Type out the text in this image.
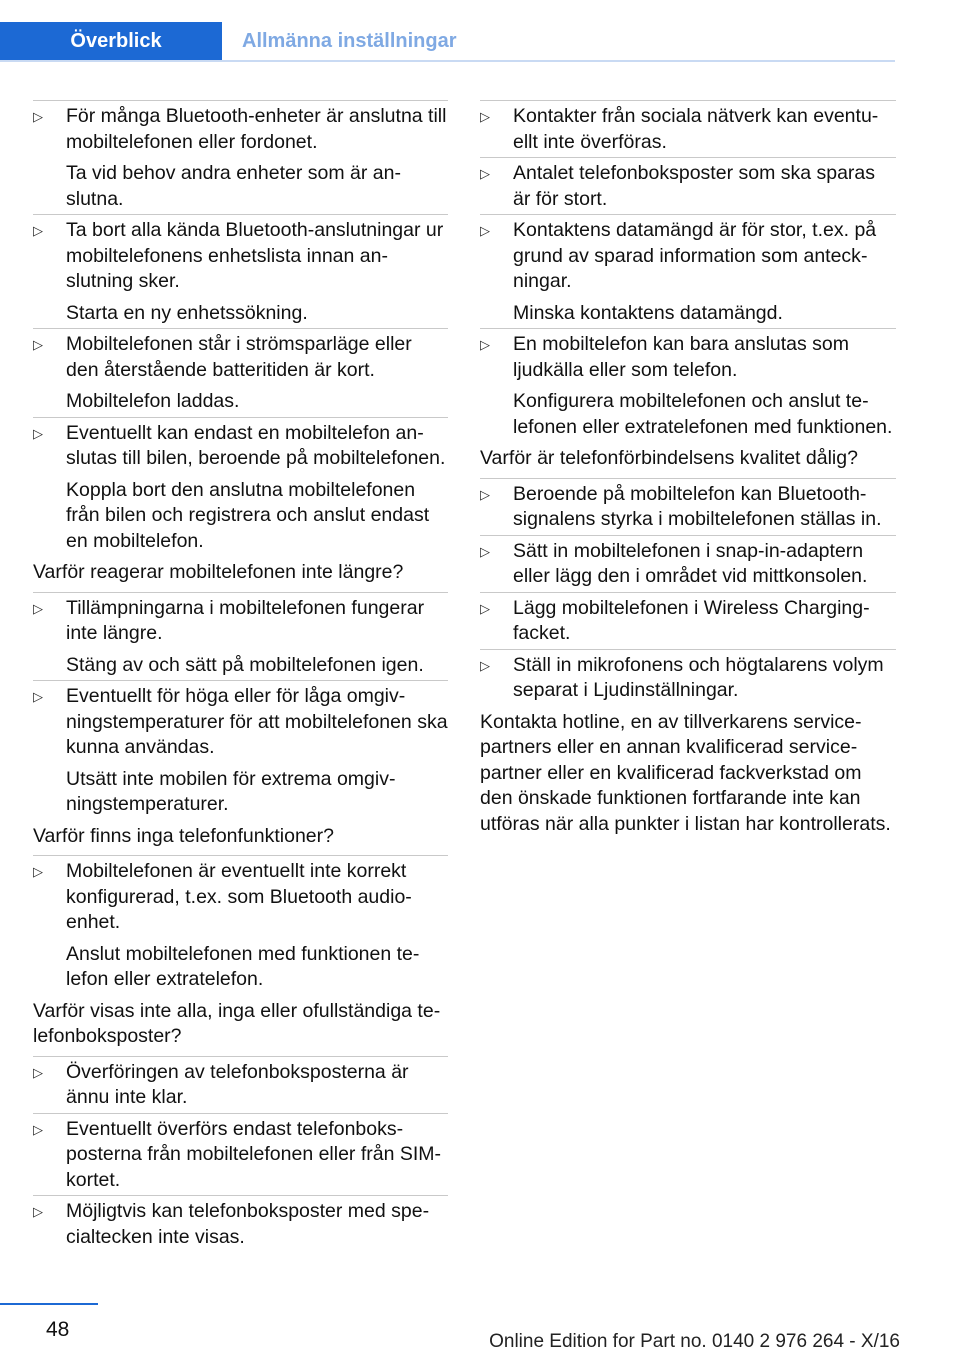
Överblick	Allmänna inställningar
▷ För många Bluetooth-enheter är anslutna till mobiltelefonen eller fordonet.

Ta vid behov andra enheter som är anslutna.

▷ Ta bort alla kända Bluetooth-anslutningar ur mobiltelefonens enhetslista innan anslutning sker.

Starta en ny enhetssökning.

▷ Mobiltelefonen står i strömsparläge eller den återstående batteritiden är kort.

Mobiltelefon laddas.

▷ Eventuellt kan endast en mobiltelefon anslutas till bilen, beroende på mobiltelefonen.

Koppla bort den anslutna mobiltelefonen från bilen och registrera och anslut endast en mobiltelefon.

Varför reagerar mobiltelefonen inte längre?

▷ Tillämpningarna i mobiltelefonen fungerar inte längre.

Stäng av och sätt på mobiltelefonen igen.

▷ Eventuellt för höga eller för låga omgivningstemperaturer för att mobiltelefonen ska kunna användas.

Utsätt inte mobilen för extrema omgivningstemperaturer.

Varför finns inga telefonfunktioner?

▷ Mobiltelefonen är eventuellt inte korrekt konfigurerad, t.ex. som Bluetooth audio-enhet.

Anslut mobiltelefonen med funktionen telefon eller extratelefon.

Varför visas inte alla, inga eller ofullständiga telefonboksposter?

▷ Överföringen av telefonboksposterna är ännu inte klar.

▷ Eventuellt överförs endast telefonboksposterna från mobiltelefonen eller från SIM-kortet.

▷ Möjligtvis kan telefonboksposter med specialtecken inte visas.

▷ Kontakter från sociala nätverk kan eventuellt inte överföras.

▷ Antalet telefonboksposter som ska sparas är för stort.

▷ Kontaktens datamängd är för stor, t.ex. på grund av sparad information som anteckningar.

Minska kontaktens datamängd.

▷ En mobiltelefon kan bara anslutas som ljudkälla eller som telefon.

Konfigurera mobiltelefonen och anslut telefonen eller extratelefonen med funktionen.

Varför är telefonförbindelsens kvalitet dålig?

▷ Beroende på mobiltelefon kan Bluetooth-signalens styrka i mobiltelefonen ställas in.

▷ Sätt in mobiltelefonen i snap-in-adaptern eller lägg den i området vid mittkonsolen.

▷ Lägg mobiltelefonen i Wireless Charging-facket.

▷ Ställ in mikrofonens och högtalarens volym separat i Ljudinställningar.

Kontakta hotline, en av tillverkarens servicepartners eller en annan kvalificerad servicepartner eller en kvalificerad fackverkstad om den önskade funktionen fortfarande inte kan utföras när alla punkter i listan har kontrollerats.

48
Online Edition for Part no. 0140 2 976 264 - X/16
